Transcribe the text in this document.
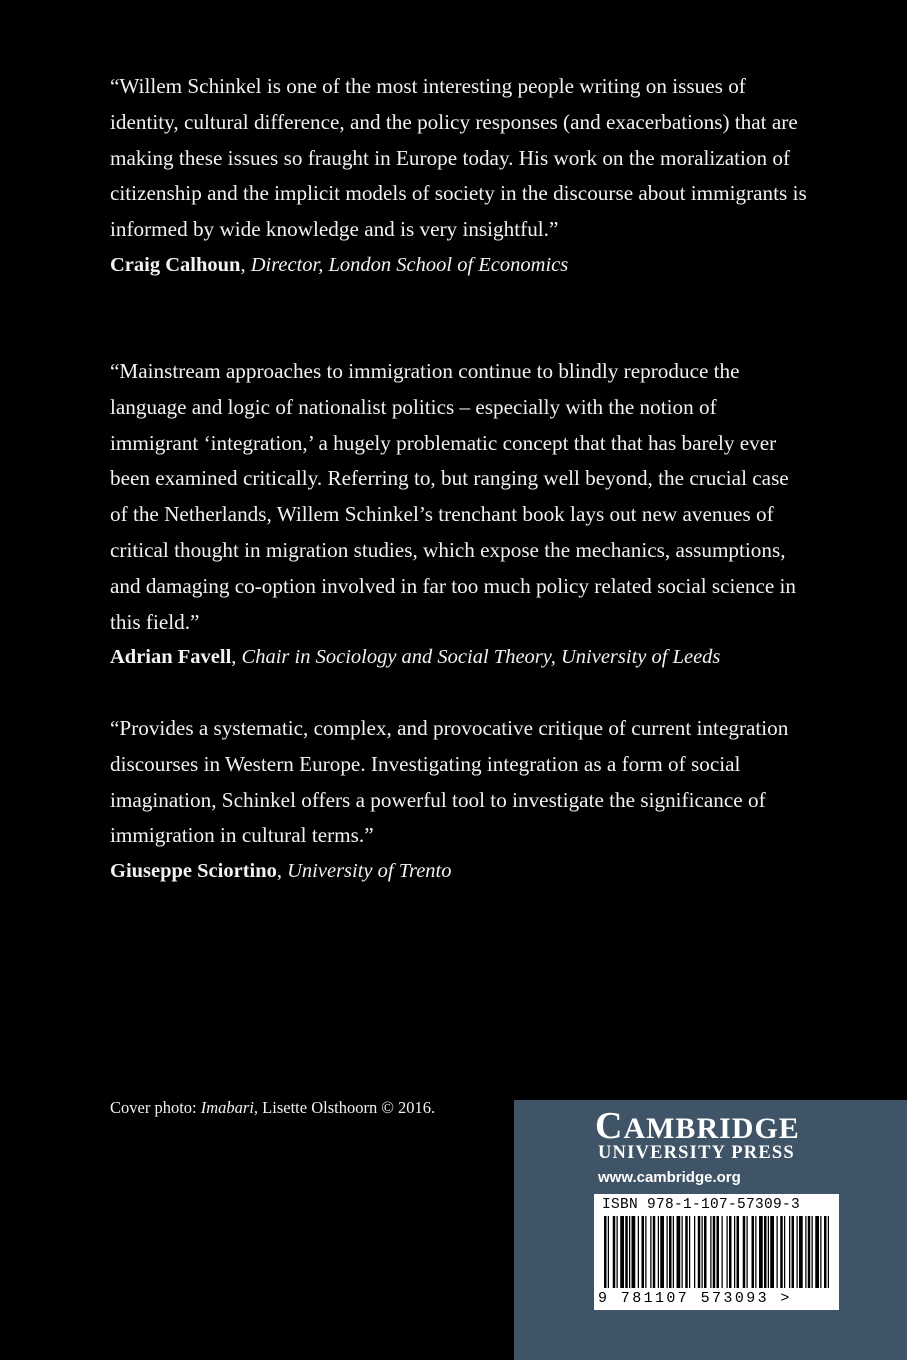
“Willem Schinkel is one of the most interesting people writing on issues of identity, cultural difference, and the policy responses (and exacerbations) that are making these issues so fraught in Europe today. His work on the moralization of citizenship and the implicit models of society in the discourse about immigrants is informed by wide knowledge and is very insightful.”

Craig Calhoun, Director, London School of Economics

“Mainstream approaches to immigration continue to blindly reproduce the language and logic of nationalist politics – especially with the notion of immigrant ‘integration,’ a hugely problematic concept that that has barely ever been examined critically. Referring to, but ranging well beyond, the crucial case of the Netherlands, Willem Schinkel’s trenchant book lays out new avenues of critical thought in migration studies, which expose the mechanics, assumptions, and damaging co-option involved in far too much policy related social science in this field.”

Adrian Favell, Chair in Sociology and Social Theory, University of Leeds

“Provides a systematic, complex, and provocative critique of current integration discourses in Western Europe. Investigating integration as a form of social imagination, Schinkel offers a powerful tool to investigate the significance of immigration in cultural terms.”

Giuseppe Sciortino, University of Trento

Cover photo: Imabari, Lisette Olsthoorn © 2016.	CAMBRIDGE
UNIVERSITY PRESS
www.cambridge.org
ISBN 978-1-107-57309-3
9 781107 573093 >
